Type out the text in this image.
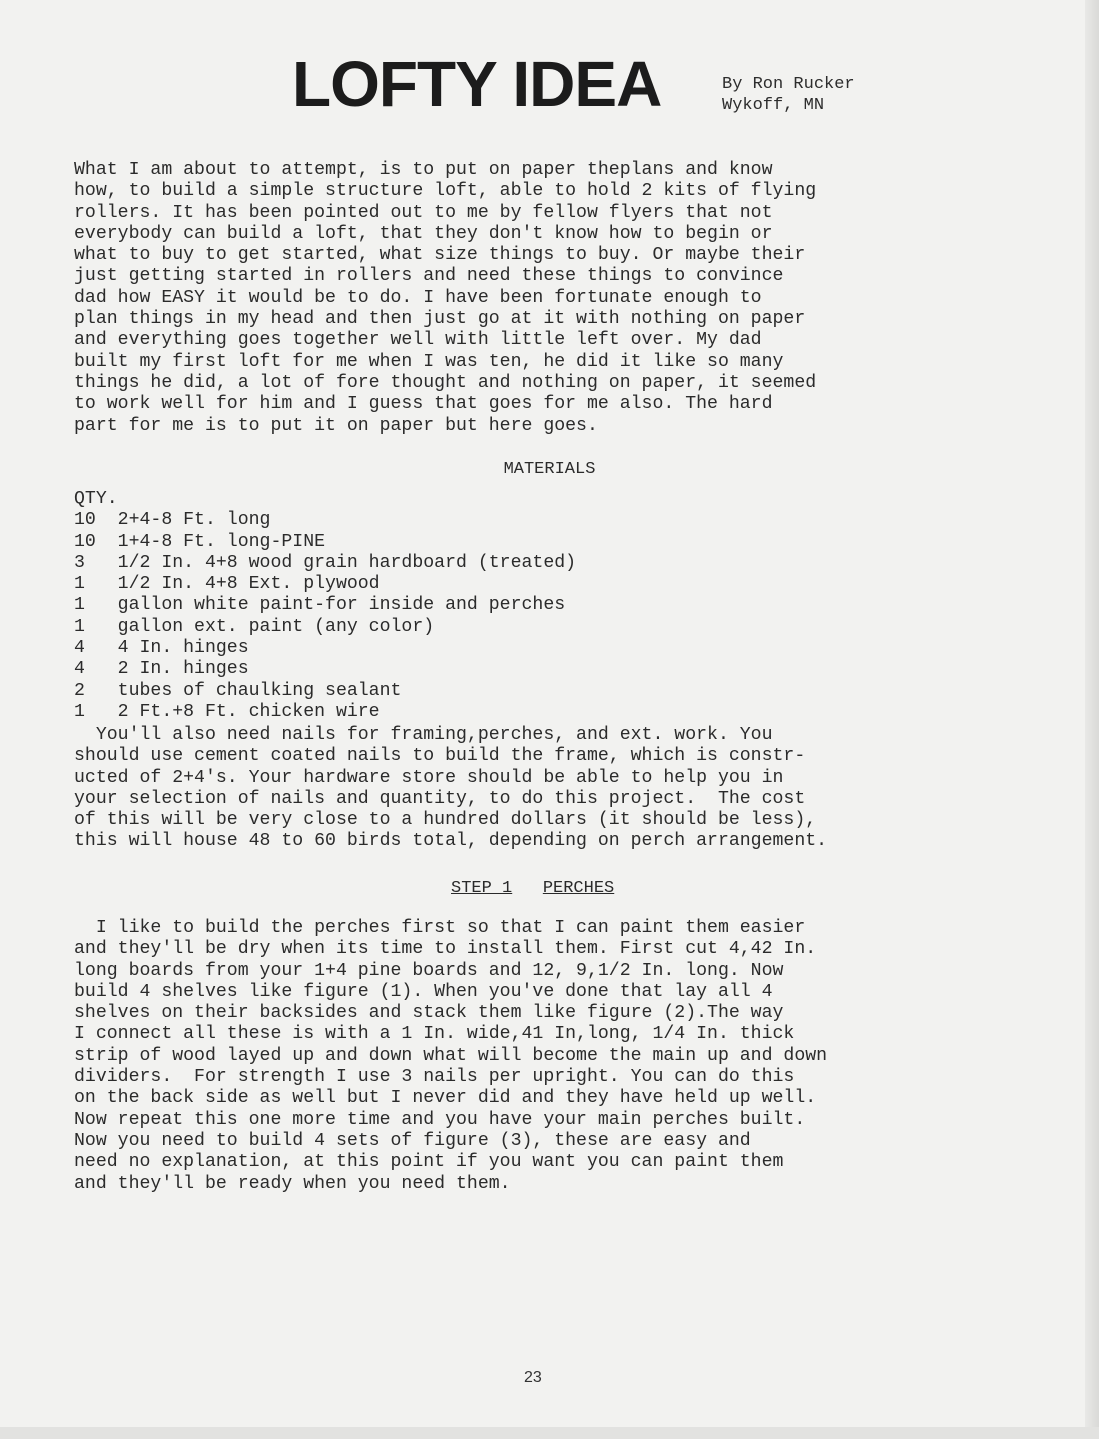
LOFTY IDEA	By Ron Rucker
Wykoff, MN
What I am about to attempt, is to put on paper theplans and know
how, to build a simple structure loft, able to hold 2 kits of flying
rollers. It has been pointed out to me by fellow flyers that not
everybody can build a loft, that they don't know how to begin or
what to buy to get started, what size things to buy. Or maybe their
just getting started in rollers and need these things to convince
dad how EASY it would be to do. I have been fortunate enough to
plan things in my head and then just go at it with nothing on paper
and everything goes together well with little left over. My dad
built my first loft for me when I was ten, he did it like so many
things he did, a lot of fore thought and nothing on paper, it seemed
to work well for him and I guess that goes for me also. The hard
part for me is to put it on paper but here goes.
MATERIALS
QTY.
10  2+4-8 Ft. long
10  1+4-8 Ft. long-PINE
3   1/2 In. 4+8 wood grain hardboard (treated)
1   1/2 In. 4+8 Ext. plywood
1   gallon white paint-for inside and perches
1   gallon ext. paint (any color)
4   4 In. hinges
4   2 In. hinges
2   tubes of chaulking sealant
1   2 Ft.+8 Ft. chicken wire
You'll also need nails for framing,perches, and ext. work. You
should use cement coated nails to build the frame, which is constr-
ucted of 2+4's. Your hardware store should be able to help you in
your selection of nails and quantity, to do this project.  The cost
of this will be very close to a hundred dollars (it should be less),
this will house 48 to 60 birds total, depending on perch arrangement.
STEP 1 PERCHES
I like to build the perches first so that I can paint them easier
and they'll be dry when its time to install them. First cut 4,42 In.
long boards from your 1+4 pine boards and 12, 9,1/2 In. long. Now
build 4 shelves like figure (1). When you've done that lay all 4
shelves on their backsides and stack them like figure (2).The way
I connect all these is with a 1 In. wide,41 In,long, 1/4 In. thick
strip of wood layed up and down what will become the main up and down
dividers.  For strength I use 3 nails per upright. You can do this
on the back side as well but I never did and they have held up well.
Now repeat this one more time and you have your main perches built.
Now you need to build 4 sets of figure (3), these are easy and
need no explanation, at this point if you want you can paint them
and they'll be ready when you need them.
23
